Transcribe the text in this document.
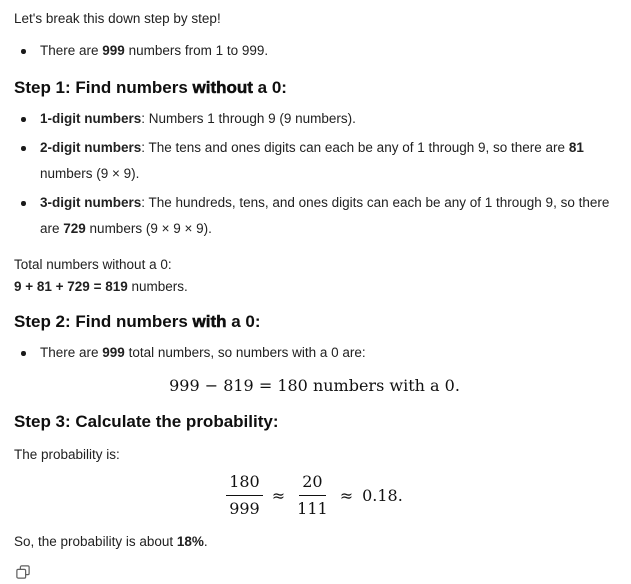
Let's break this down step by step!

There are 999 numbers from 1 to 999.
Step 1: Find numbers without a 0:
1-digit numbers: Numbers 1 through 9 (9 numbers).
2-digit numbers: The tens and ones digits can each be any of 1 through 9, so there are 81 numbers (9 × 9).
3-digit numbers: The hundreds, tens, and ones digits can each be any of 1 through 9, so there are 729 numbers (9 × 9 × 9).

Total numbers without a 0:
9 + 81 + 729 = 819 numbers.

Step 2: Find numbers with a 0:
There are 999 total numbers, so numbers with a 0 are:
999 − 819 = 180 numbers with a 0.
Step 3: Calculate the probability:

The probability is:

$\frac{180}{999} \approx \frac{20}{111} \approx 0.18$.

So, the probability is about 18%.
